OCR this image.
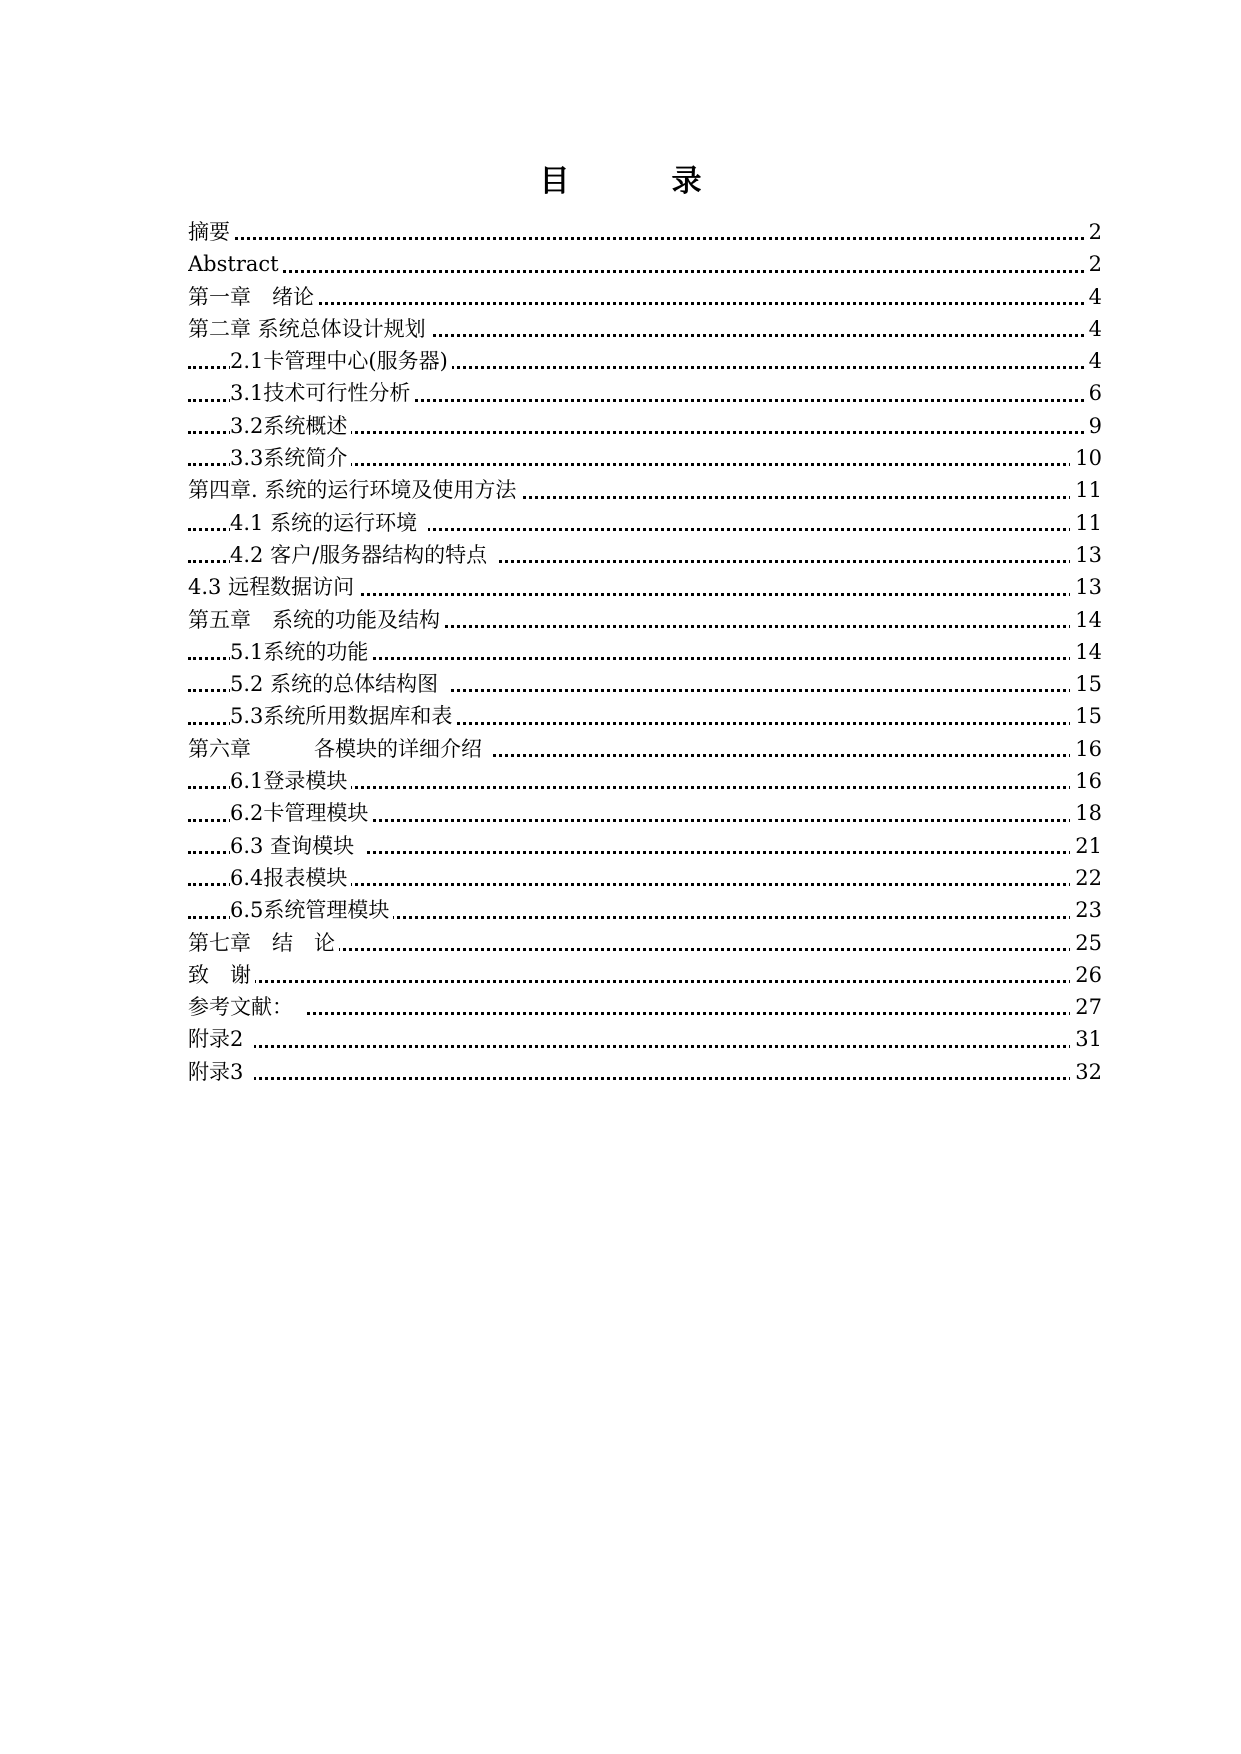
目　录
摘要	2
Abstract	2
第一章　绪论	4
第二章 系统总体设计规划	4
2.1卡管理中心(服务器)	4
3.1技术可行性分析	6
3.2系统概述	9
3.3系统简介	10
第四章. 系统的运行环境及使用方法	11
4.1 系统的运行环境	11
4.2 客户/服务器结构的特点	13
4.3 远程数据访问	13
第五章　系统的功能及结构	14
5.1系统的功能	14
5.2 系统的总体结构图	15
5.3系统所用数据库和表	15
第六章　　　各模块的详细介绍	16
6.1登录模块	16
6.2卡管理模块	18
6.3 查询模块	21
6.4报表模块	22
6.5系统管理模块	23
第七章　结　论	25
致　谢	26
参考文献：	27
附录2	31
附录3	32
